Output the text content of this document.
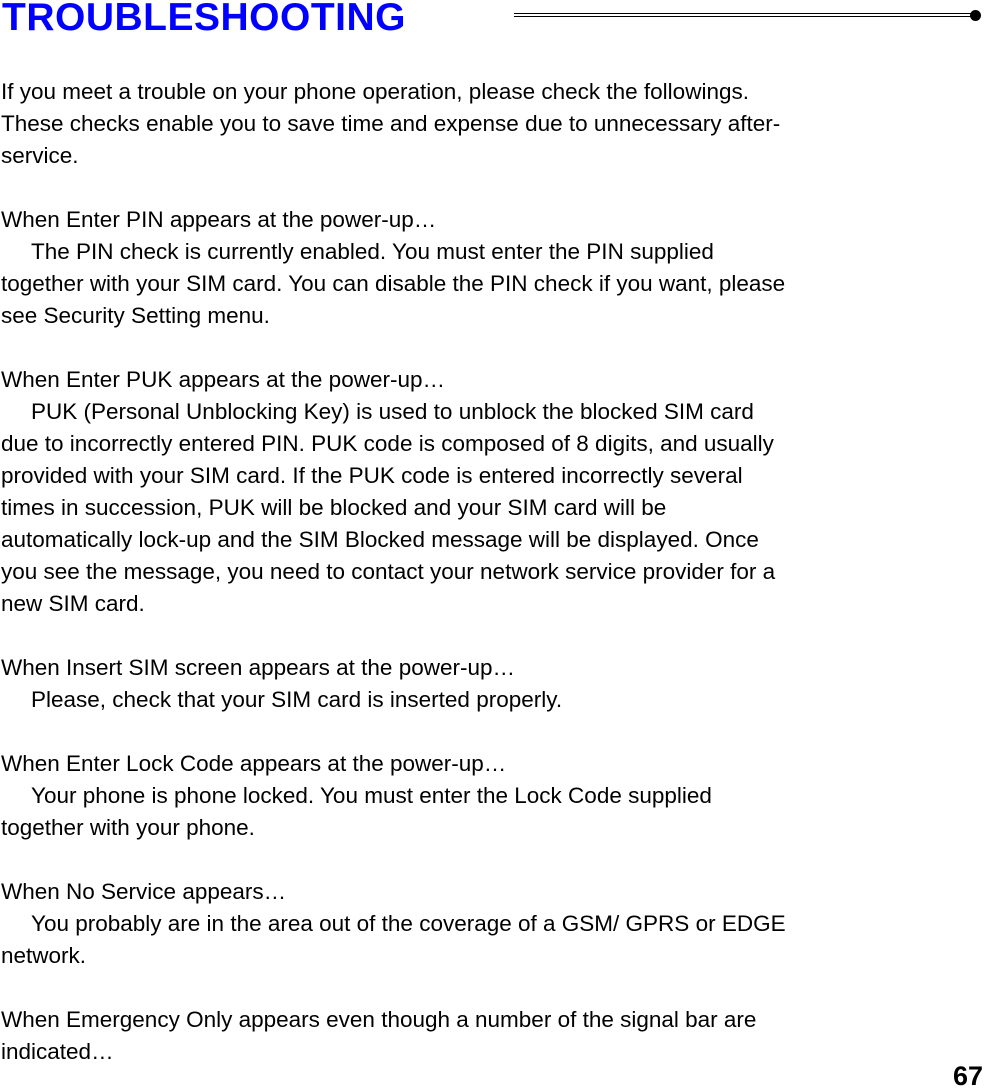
TROUBLESHOOTING

If you meet a trouble on your phone operation, please check the followings.

These checks enable you to save time and expense due to unnecessary after-

service.

When Enter PIN appears at the power-up…

The PIN check is currently enabled. You must enter the PIN supplied

together with your SIM card. You can disable the PIN check if you want, please

see Security Setting menu.

When Enter PUK appears at the power-up…

PUK (Personal Unblocking Key) is used to unblock the blocked SIM card

due to incorrectly entered PIN. PUK code is composed of 8 digits, and usually

provided with your SIM card. If the PUK code is entered incorrectly several

times in succession, PUK will be blocked and your SIM card will be

automatically lock-up and the SIM Blocked message will be displayed. Once

you see the message, you need to contact your network service provider for a

new SIM card.

When Insert SIM screen appears at the power-up…

Please, check that your SIM card is inserted properly.

When Enter Lock Code appears at the power-up…

Your phone is phone locked. You must enter the Lock Code supplied

together with your phone.

When No Service appears…

You probably are in the area out of the coverage of a GSM/ GPRS or EDGE

network.

When Emergency Only appears even though a number of the signal bar are

indicated…

67
